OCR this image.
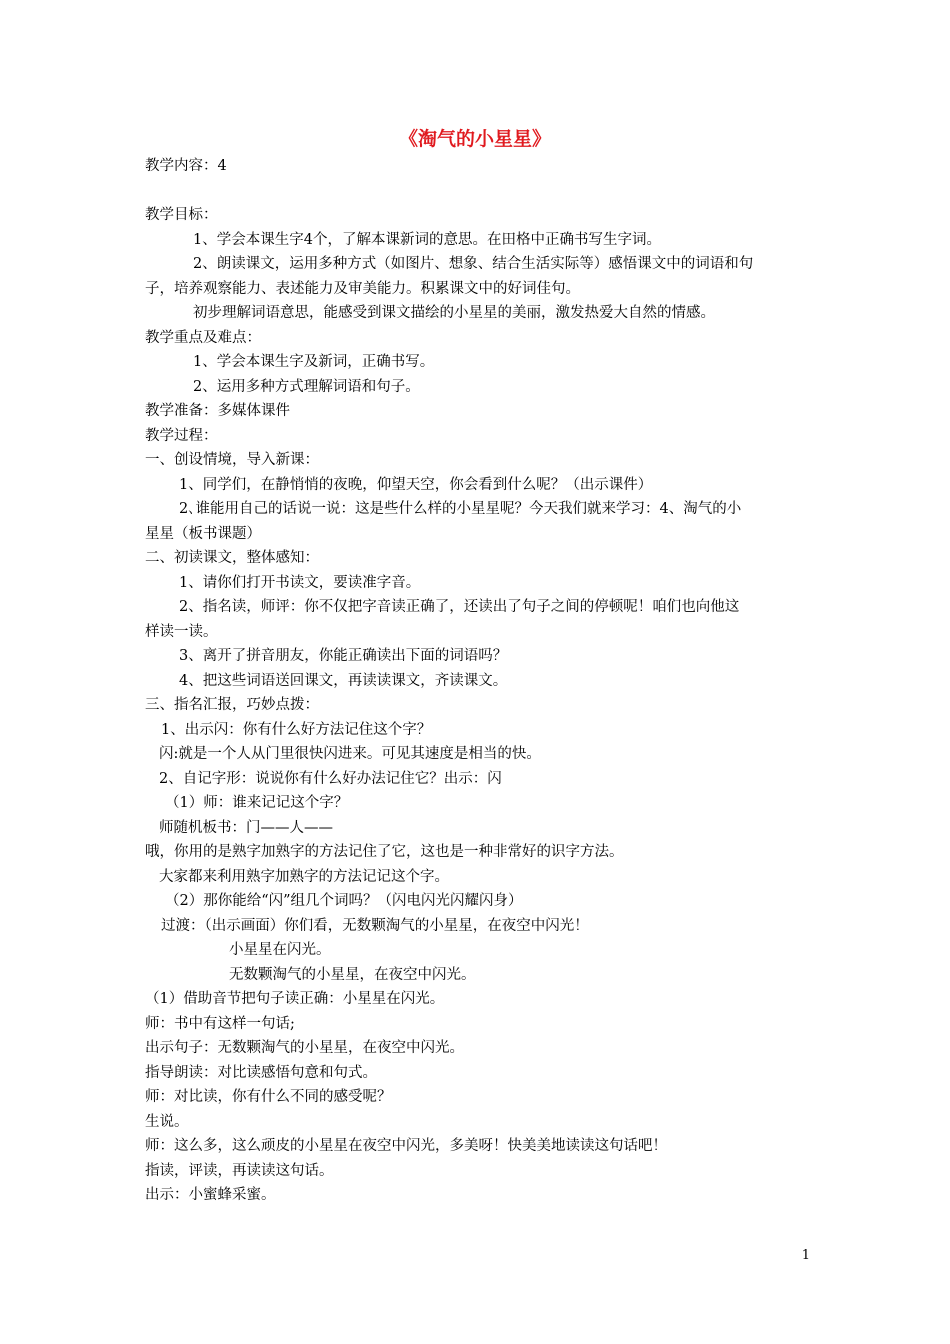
《淘气的小星星》
教学内容：4
教学目标：
1、学会本课生字4个，了解本课新词的意思。在田格中正确书写生字词。
2、朗读课文，运用多种方式（如图片、想象、结合生活实际等）感悟课文中的词语和句
子，培养观察能力、表述能力及审美能力。积累课文中的好词佳句。
初步理解词语意思，能感受到课文描绘的小星星的美丽，激发热爱大自然的情感。
教学重点及难点：
1、学会本课生字及新词，正确书写。
2、运用多种方式理解词语和句子。
教学准备：多媒体课件
教学过程：
一、创设情境，导入新课：
1、同学们，在静悄悄的夜晚，仰望天空，你会看到什么呢？（出示课件）
2､谁能用自己的话说一说：这是些什么样的小星星呢？今天我们就来学习：4、淘气的小
星星（板书课题）
二、初读课文，整体感知：
1、请你们打开书读文，要读准字音。
2、指名读，师评：你不仅把字音读正确了，还读出了句子之间的停顿呢！咱们也向他这
样读一读。
3、离开了拼音朋友，你能正确读出下面的词语吗？
4、把这些词语送回课文，再读读课文，齐读课文。
三、指名汇报，巧妙点拨：
1、出示闪：你有什么好方法记住这个字？
闪:就是一个人从门里很快闪进来。可见其速度是相当的快。
2、自记字形：说说你有什么好办法记住它？出示：闪
（1）师：谁来记记这个字？
师随机板书：门——人——
哦，你用的是熟字加熟字的方法记住了它，这也是一种非常好的识字方法。
大家都来利用熟字加熟字的方法记记这个字。
（2）那你能给“闪”组几个词吗？（闪电闪光闪耀闪身）
过渡：（出示画面）你们看，无数颗淘气的小星星，在夜空中闪光！
小星星在闪光。
无数颗淘气的小星星，在夜空中闪光。
（1）借助音节把句子读正确：小星星在闪光。
师：书中有这样一句话;
出示句子：无数颗淘气的小星星，在夜空中闪光。
指导朗读：对比读感悟句意和句式。
师：对比读，你有什么不同的感受呢？
生说。
师：这么多，这么顽皮的小星星在夜空中闪光，多美呀！快美美地读读这句话吧！
指读，评读，再读读这句话。
出示：小蜜蜂采蜜。
1
